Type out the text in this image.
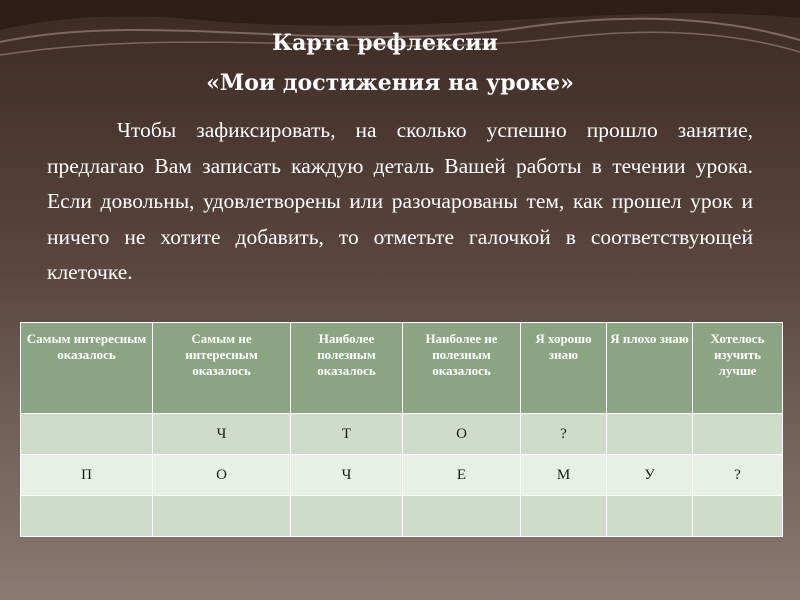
Карта рефлексии
«Мои достижения на уроке»

Чтобы зафиксировать, на сколько успешно прошло занятие, предлагаю Вам записать каждую деталь Вашей работы в течении урока. Если довольны, удовлетворены или разочарованы тем, как прошел урок и ничего не хотите добавить, то отметьте галочкой в соответствующей клеточке.

Самым интересным оказалось	Самым не интересным оказалось	Наиболее полезным оказалось	Наиболее не полезным оказалось	Я хорошо знаю	Я плохо знаю	Хотелось изучить лучше
	Ч	Т	О	?		
П	О	Ч	Е	М	У	?
